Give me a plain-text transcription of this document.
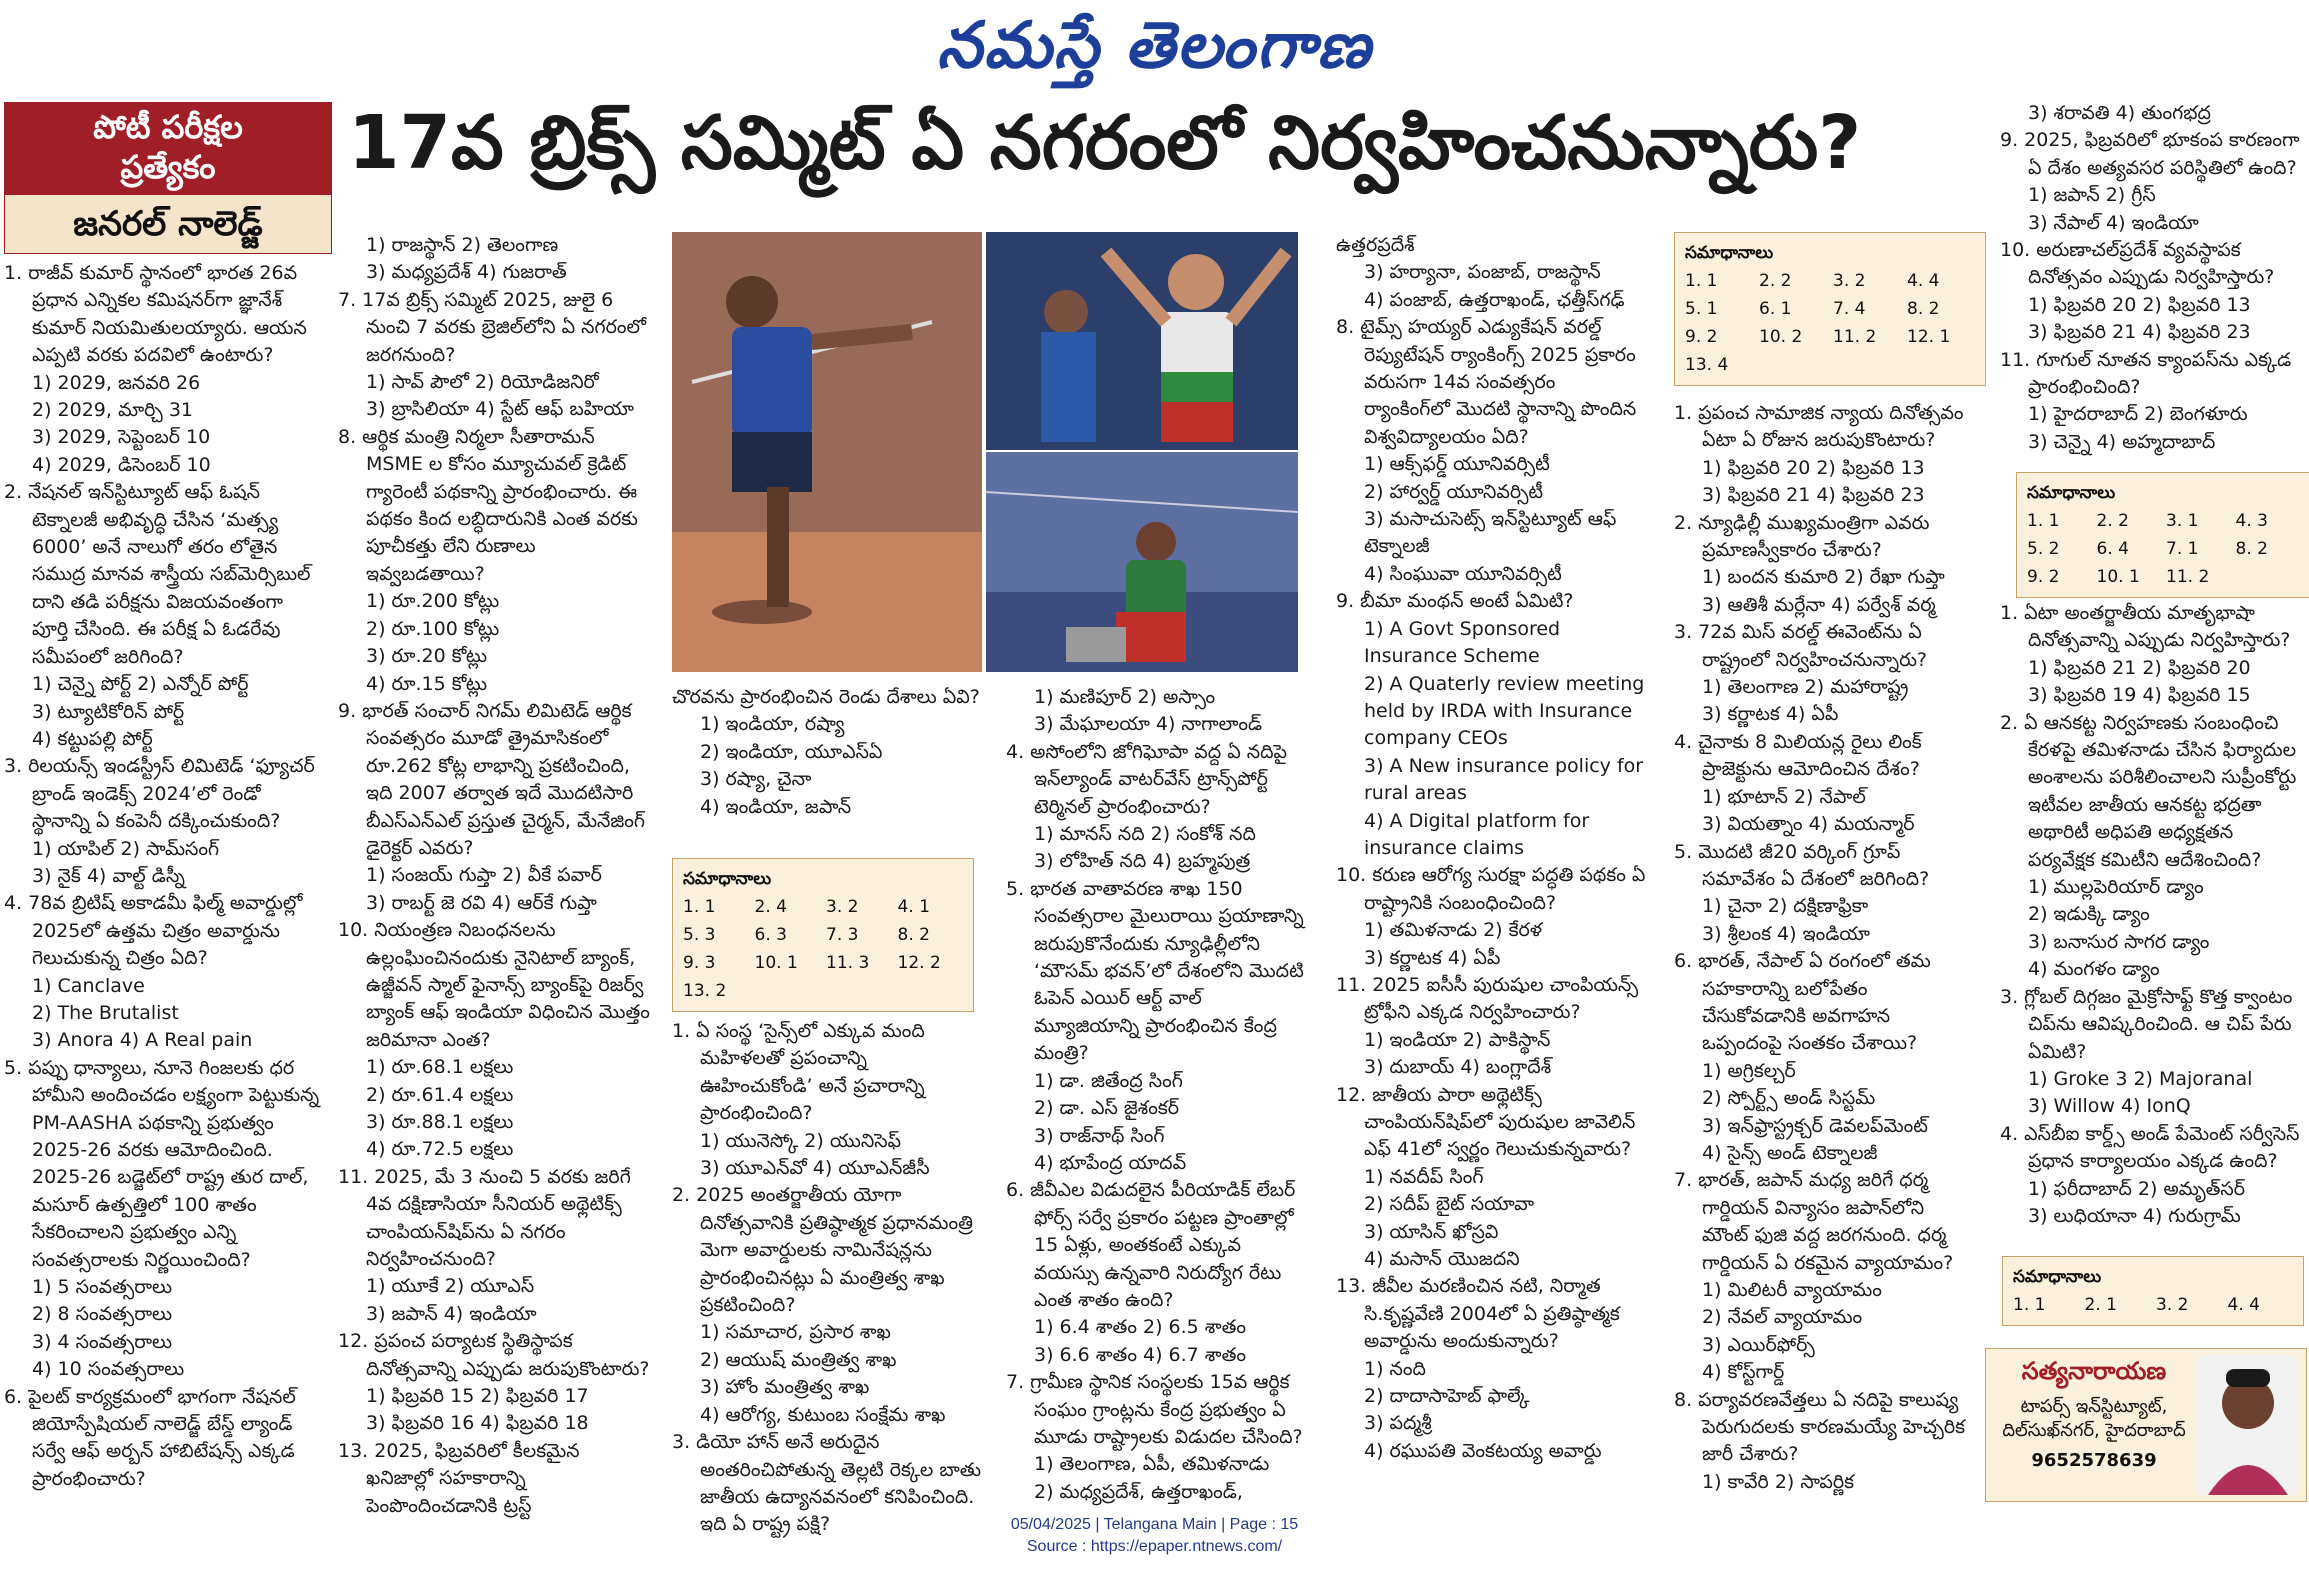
నమస్తే తెలంగాణ
పోటీ పరీక్షల
ప్రత్యేకం
జనరల్ నాలెడ్జ్
17వ బ్రిక్స్ సమ్మిట్ ఏ నగరంలో నిర్వహించనున్నారు?

1. రాజీవ్ కుమార్ స్థానంలో భారత 26వ ప్రధాన ఎన్నికల కమిషనర్‌గా జ్ఞానేశ్ కుమార్ నియమితులయ్యారు. ఆయన ఎప్పటి వరకు పదవిలో ఉంటారు?

1) 2029, జనవరి 26

2) 2029, మార్చి 31

3) 2029, సెప్టెంబర్ 10

4) 2029, డిసెంబర్ 10

2. నేషనల్ ఇన్‌స్టిట్యూట్ ఆఫ్ ఓషన్ టెక్నాలజీ అభివృద్ధి చేసిన ‘మత్స్య 6000’ అనే నాలుగో తరం లోతైన సముద్ర మానవ శాస్త్రీయ సబ్‌మెర్సిబుల్ దాని తడి పరీక్షను విజయవంతంగా పూర్తి చేసింది. ఈ పరీక్ష ఏ ఓడరేవు సమీపంలో జరిగింది?

1) చెన్నై పోర్ట్ 2) ఎన్నోర్ పోర్ట్

3) ట్యూటికోరిన్ పోర్ట్

4) కట్టుపల్లి పోర్ట్

3. రిలయన్స్ ఇండస్ట్రీస్ లిమిటెడ్ ‘ఫ్యూచర్ బ్రాండ్ ఇండెక్స్ 2024’లో రెండో స్థానాన్ని ఏ కంపెనీ దక్కించుకుంది?

1) యాపిల్ 2) సామ్‌సంగ్

3) నైక్ 4) వాల్ట్ డిస్నీ

4. 78వ బ్రిటిష్ అకాడమీ ఫిల్మ్ అవార్డుల్లో 2025లో ఉత్తమ చిత్రం అవార్డును గెలుచుకున్న చిత్రం ఏది?

1) Canclave

2) The Brutalist

3) Anora 4) A Real pain

5. పప్పు ధాన్యాలు, నూనె గింజలకు ధర హామీని అందించడం లక్ష్యంగా పెట్టుకున్న PM-AASHA పథకాన్ని ప్రభుత్వం 2025-26 వరకు ఆమోదించింది. 2025-26 బడ్జెట్‌లో రాష్ట్ర తుర దాల్, మసూర్ ఉత్పత్తిలో 100 శాతం సేకరించాలని ప్రభుత్వం ఎన్ని సంవత్సరాలకు నిర్ణయించింది?

1) 5 సంవత్సరాలు

2) 8 సంవత్సరాలు

3) 4 సంవత్సరాలు

4) 10 సంవత్సరాలు

6. పైలట్ కార్యక్రమంలో భాగంగా నేషనల్ జియోస్పేషియల్ నాలెడ్జ్ బేస్డ్ ల్యాండ్ సర్వే ఆఫ్ అర్బన్ హాబిటేషన్స్ ఎక్కడ ప్రారంభించారు?

1) రాజస్థాన్ 2) తెలంగాణ

3) మధ్యప్రదేశ్ 4) గుజరాత్

7. 17వ బ్రిక్స్ సమ్మిట్ 2025, జులై 6 నుంచి 7 వరకు బ్రెజిల్‌లోని ఏ నగరంలో జరగనుంది?

1) సావ్ పౌలో 2) రియోడిజనిరో

3) బ్రాసిలియా 4) స్టేట్ ఆఫ్ బహియా

8. ఆర్థిక మంత్రి నిర్మలా సీతారామన్ MSME ల కోసం మ్యూచువల్ క్రెడిట్ గ్యారెంటీ పథకాన్ని ప్రారంభించారు. ఈ పథకం కింద లబ్ధిదారునికి ఎంత వరకు పూచీకత్తు లేని రుణాలు ఇవ్వబడతాయి?

1) రూ.200 కోట్లు

2) రూ.100 కోట్లు

3) రూ.20 కోట్లు

4) రూ.15 కోట్లు

9. భారత్ సంచార్ నిగమ్ లిమిటెడ్ ఆర్థిక సంవత్సరం మూడో త్రైమాసికంలో రూ.262 కోట్ల లాభాన్ని ప్రకటించింది, ఇది 2007 తర్వాత ఇదే మొదటిసారి బీఎస్ఎన్ఎల్ ప్రస్తుత చైర్మన్, మేనేజింగ్ డైరెక్టర్ ఎవరు?

1) సంజయ్ గుప్తా 2) వీకే పవార్

3) రాబర్ట్ జె రవి 4) ఆర్‌కే గుప్తా

10. నియంత్రణ నిబంధనలను ఉల్లంఘించినందుకు నైనిటాల్ బ్యాంక్, ఉజ్జీవన్ స్మాల్ ఫైనాన్స్ బ్యాంక్‌పై రిజర్వ్ బ్యాంక్ ఆఫ్ ఇండియా విధించిన మొత్తం జరిమానా ఎంత?

1) రూ.68.1 లక్షలు

2) రూ.61.4 లక్షలు

3) రూ.88.1 లక్షలు

4) రూ.72.5 లక్షలు

11. 2025, మే 3 నుంచి 5 వరకు జరిగే 4వ దక్షిణాసియా సీనియర్ అథ్లెటిక్స్ చాంపియన్‌షిప్‌ను ఏ నగరం నిర్వహించనుంది?

1) యూకే 2) యూఎస్

3) జపాన్ 4) ఇండియా

12. ప్రపంచ పర్యాటక స్థితిస్థాపక దినోత్సవాన్ని ఎప్పుడు జరుపుకొంటారు?

1) ఫిబ్రవరి 15 2) ఫిబ్రవరి 17

3) ఫిబ్రవరి 16 4) ఫిబ్రవరి 18

13. 2025, ఫిబ్రవరిలో కీలకమైన ఖనిజాల్లో సహకారాన్ని పెంపొందించడానికి ట్రస్ట్

చొరవను ప్రారంభించిన రెండు దేశాలు ఏవి?

1) ఇండియా, రష్యా

2) ఇండియా, యూఎస్ఏ

3) రష్యా, చైనా

4) ఇండియా, జపాన్

సమాధానాలు
1. 1	2. 4	3. 2	4. 1
5. 3	6. 3	7. 3	8. 2
9. 3	10. 1	11. 3	12. 2
13. 2

1. ఏ సంస్థ ‘సైన్స్‌లో ఎక్కువ మంది మహిళలతో ప్రపంచాన్ని ఊహించుకోండి’ అనే ప్రచారాన్ని ప్రారంభించింది?

1) యునెస్కో 2) యునిసెఫ్

3) యూఎన్‌వో 4) యూఎన్‌జీసీ

2. 2025 అంతర్జాతీయ యోగా దినోత్సవానికి ప్రతిష్ఠాత్మక ప్రధానమంత్రి మెగా అవార్డులకు నామినేషన్లను ప్రారంభించినట్లు ఏ మంత్రిత్వ శాఖ ప్రకటించింది?

1) సమాచార, ప్రసార శాఖ

2) ఆయుష్ మంత్రిత్వ శాఖ

3) హోం మంత్రిత్వ శాఖ

4) ఆరోగ్య, కుటుంబ సంక్షేమ శాఖ

3. డియో హాన్ అనే అరుదైన అంతరించిపోతున్న తెల్లటి రెక్కల బాతు జాతీయ ఉద్యానవనంలో కనిపించింది. ఇది ఏ రాష్ట్ర పక్షి?

1) మణిపూర్ 2) అస్సాం

3) మేఘాలయా 4) నాగాలాండ్

4. అసోంలోని జోగిఘోపా వద్ద ఏ నదిపై ఇన్‌ల్యాండ్ వాటర్‌వేస్ ట్రాన్స్‌పోర్ట్ టెర్మినల్ ప్రారంభించారు?

1) మానస్ నది 2) సంకోశ్ నది

3) లోహిత్ నది 4) బ్రహ్మపుత్ర

5. భారత వాతావరణ శాఖ 150 సంవత్సరాల మైలురాయి ప్రయాణాన్ని జరుపుకొనేందుకు న్యూఢిల్లీలోని ‘మౌసమ్ భవన్’లో దేశంలోని మొదటి ఓపెన్ ఎయిర్ ఆర్ట్ వాల్ మ్యూజియాన్ని ప్రారంభించిన కేంద్ర మంత్రి?

1) డా. జితేంద్ర సింగ్

2) డా. ఎస్ జైశంకర్

3) రాజ్‌నాథ్ సింగ్

4) భూపేంద్ర యాదవ్

6. జీవీఎల విడుదలైన పీరియాడిక్ లేబర్ ఫోర్స్ సర్వే ప్రకారం పట్టణ ప్రాంతాల్లో 15 ఏళ్లు, అంతకంటే ఎక్కువ వయస్సు ఉన్నవారి నిరుద్యోగ రేటు ఎంత శాతం ఉంది?

1) 6.4 శాతం 2) 6.5 శాతం

3) 6.6 శాతం 4) 6.7 శాతం

7. గ్రామీణ స్థానిక సంస్థలకు 15వ ఆర్థిక సంఘం గ్రాంట్లను కేంద్ర ప్రభుత్వం ఏ మూడు రాష్ట్రాలకు విడుదల చేసింది?

1) తెలంగాణ, ఏపీ, తమిళనాడు

2) మధ్యప్రదేశ్, ఉత్తరాఖండ్,

ఉత్తరప్రదేశ్

3) హర్యానా, పంజాబ్, రాజస్థాన్

4) పంజాబ్, ఉత్తరాఖండ్, ఛత్తీస్‌గఢ్

8. టైమ్స్ హయ్యర్ ఎడ్యుకేషన్ వరల్డ్ రెప్యుటేషన్ ర్యాంకింగ్స్ 2025 ప్రకారం వరుసగా 14వ సంవత్సరం ర్యాంకింగ్‌లో మొదటి స్థానాన్ని పొందిన విశ్వవిద్యాలయం ఏది?

1) ఆక్స్‌ఫర్డ్ యూనివర్సిటీ

2) హార్వర్డ్ యూనివర్సిటీ

3) మసాచుసెట్స్ ఇన్‌స్టిట్యూట్ ఆఫ్ టెక్నాలజీ

4) సింఘువా యూనివర్సిటీ

9. బీమా మంథన్ అంటే ఏమిటి?

1) A Govt Sponsored Insurance Scheme

2) A Quaterly review meeting held by IRDA with Insurance company CEOs

3) A New insurance policy for rural areas

4) A Digital platform for insurance claims

10. కరుణ ఆరోగ్య సురక్షా పద్ధతి పథకం ఏ రాష్ట్రానికి సంబంధించింది?

1) తమిళనాడు 2) కేరళ

3) కర్ణాటక 4) ఏపీ

11. 2025 ఐసీసీ పురుషుల చాంపియన్స్ ట్రోఫీని ఎక్కడ నిర్వహించారు?

1) ఇండియా 2) పాకిస్థాన్

3) దుబాయ్ 4) బంగ్లాదేశ్

12. జాతీయ పారా అథ్లెటిక్స్ చాంపియన్‌షిప్‌లో పురుషుల జావెలిన్ ఎఫ్ 41లో స్వర్ణం గెలుచుకున్నవారు?

1) నవదీప్ సింగ్

2) సదీప్ బైట్ సయావా

3) యాసిన్ ఖోస్రవి

4) మసాన్ యొజదని

13. జీవీల మరణించిన నటి, నిర్మాత సి.కృష్ణవేణి 2004లో ఏ ప్రతిష్ఠాత్మక అవార్డును అందుకున్నారు?

1) నంది

2) దాదాసాహెబ్ ఫాల్కే

3) పద్మశ్రీ

4) రఘుపతి వెంకటయ్య అవార్డు

సమాధానాలు
1. 1	2. 2	3. 2	4. 4
5. 1	6. 1	7. 4	8. 2
9. 2	10. 2	11. 2	12. 1
13. 4

1. ప్రపంచ సామాజిక న్యాయ దినోత్సవం ఏటా ఏ రోజున జరుపుకొంటారు?

1) ఫిబ్రవరి 20 2) ఫిబ్రవరి 13

3) ఫిబ్రవరి 21 4) ఫిబ్రవరి 23

2. న్యూఢిల్లీ ముఖ్యమంత్రిగా ఎవరు ప్రమాణస్వీకారం చేశారు?

1) బందన కుమారి 2) రేఖా గుప్తా

3) ఆతిశీ మర్లేనా 4) పర్వేశ్ వర్మ

3. 72వ మిస్ వరల్డ్ ఈవెంట్‌ను ఏ రాష్ట్రంలో నిర్వహించనున్నారు?

1) తెలంగాణ 2) మహారాష్ట్ర

3) కర్ణాటక 4) ఏపీ

4. చైనాకు 8 మిలియన్ల రైలు లింక్ ప్రాజెక్టును ఆమోదించిన దేశం?

1) భూటాన్ 2) నేపాల్

3) వియత్నాం 4) మయన్మార్

5. మొదటి జీ20 వర్కింగ్ గ్రూప్ సమావేశం ఏ దేశంలో జరిగింది?

1) చైనా 2) దక్షిణాఫ్రికా

3) శ్రీలంక 4) ఇండియా

6. భారత్, నేపాల్ ఏ రంగంలో తమ సహకారాన్ని బలోపేతం చేసుకోవడానికి అవగాహన ఒప్పందంపై సంతకం చేశాయి?

1) అగ్రికల్చర్

2) స్పోర్ట్స్ అండ్ సిస్టమ్

3) ఇన్‌ఫ్రాస్ట్రక్చర్ డెవలప్‌మెంట్

4) సైన్స్ అండ్ టెక్నాలజీ

7. భారత్, జపాన్ మధ్య జరిగే ధర్మ గార్డియన్ విన్యాసం జపాన్‌లోని మౌంట్ ఫుజి వద్ద జరగనుంది. ధర్మ గార్డియన్ ఏ రకమైన వ్యాయామం?

1) మిలిటరీ వ్యాయామం

2) నేవల్ వ్యాయామం

3) ఎయిర్‌ఫోర్స్

4) కోస్ట్‌గార్డ్

8. పర్యావరణవేత్తలు ఏ నదిపై కాలుష్య పెరుగుదలకు కారణమయ్యే హెచ్చరిక జారీ చేశారు?

1) కావేరి 2) సాపర్ణిక

3) శరావతి 4) తుంగభద్ర

9. 2025, ఫిబ్రవరిలో భూకంప కారణంగా ఏ దేశం అత్యవసర పరిస్థితిలో ఉంది?

1) జపాన్ 2) గ్రీస్

3) నేపాల్ 4) ఇండియా

10. అరుణాచల్‌ప్రదేశ్ వ్యవస్థాపక దినోత్సవం ఎప్పుడు నిర్వహిస్తారు?

1) ఫిబ్రవరి 20 2) ఫిబ్రవరి 13

3) ఫిబ్రవరి 21 4) ఫిబ్రవరి 23

11. గూగుల్ నూతన క్యాంపస్‌ను ఎక్కడ ప్రారంభించింది?

1) హైదరాబాద్ 2) బెంగళూరు

3) చెన్నై 4) అహ్మదాబాద్

సమాధానాలు
1. 1	2. 2	3. 1	4. 3
5. 2	6. 4	7. 1	8. 2
9. 2	10. 1	11. 2

1. ఏటా అంతర్జాతీయ మాతృభాషా దినోత్సవాన్ని ఎప్పుడు నిర్వహిస్తారు?

1) ఫిబ్రవరి 21 2) ఫిబ్రవరి 20

3) ఫిబ్రవరి 19 4) ఫిబ్రవరి 15

2. ఏ ఆనకట్ట నిర్వహణకు సంబంధించి కేరళపై తమిళనాడు చేసిన ఫిర్యాదుల అంశాలను పరిశీలించాలని సుప్రీంకోర్టు ఇటీవల జాతీయ ఆనకట్ట భద్రతా అథారిటీ అధిపతి అధ్యక్షతన పర్యవేక్షక కమిటీని ఆదేశించింది?

1) ముల్లపెరియార్ డ్యాం

2) ఇడుక్కి డ్యాం

3) బనాసుర సాగర డ్యాం

4) మంగళం డ్యాం

3. గ్లోబల్ దిగ్గజం మైక్రోసాఫ్ట్ కొత్త క్వాంటం చిప్‌ను ఆవిష్కరించింది. ఆ చిప్ పేరు ఏమిటి?

1) Groke 3 2) Majoranal

3) Willow 4) IonQ

4. ఎస్‌బీఐ కార్డ్స్ అండ్ పేమెంట్ సర్వీసెస్ ప్రధాన కార్యాలయం ఎక్కడ ఉంది?

1) ఫరీదాబాద్ 2) అమృత్‌సర్

3) లుధియానా 4) గురుగ్రామ్

సమాధానాలు
1. 1	2. 1	3. 2	4. 4
సత్యనారాయణ
టాపర్స్ ఇన్‌స్టిట్యూట్,
దిల్‌సుఖ్‌నగర్, హైదరాబాద్
9652578639
05/04/2025 | Telangana Main | Page : 15
Source : https://epaper.ntnews.com/
